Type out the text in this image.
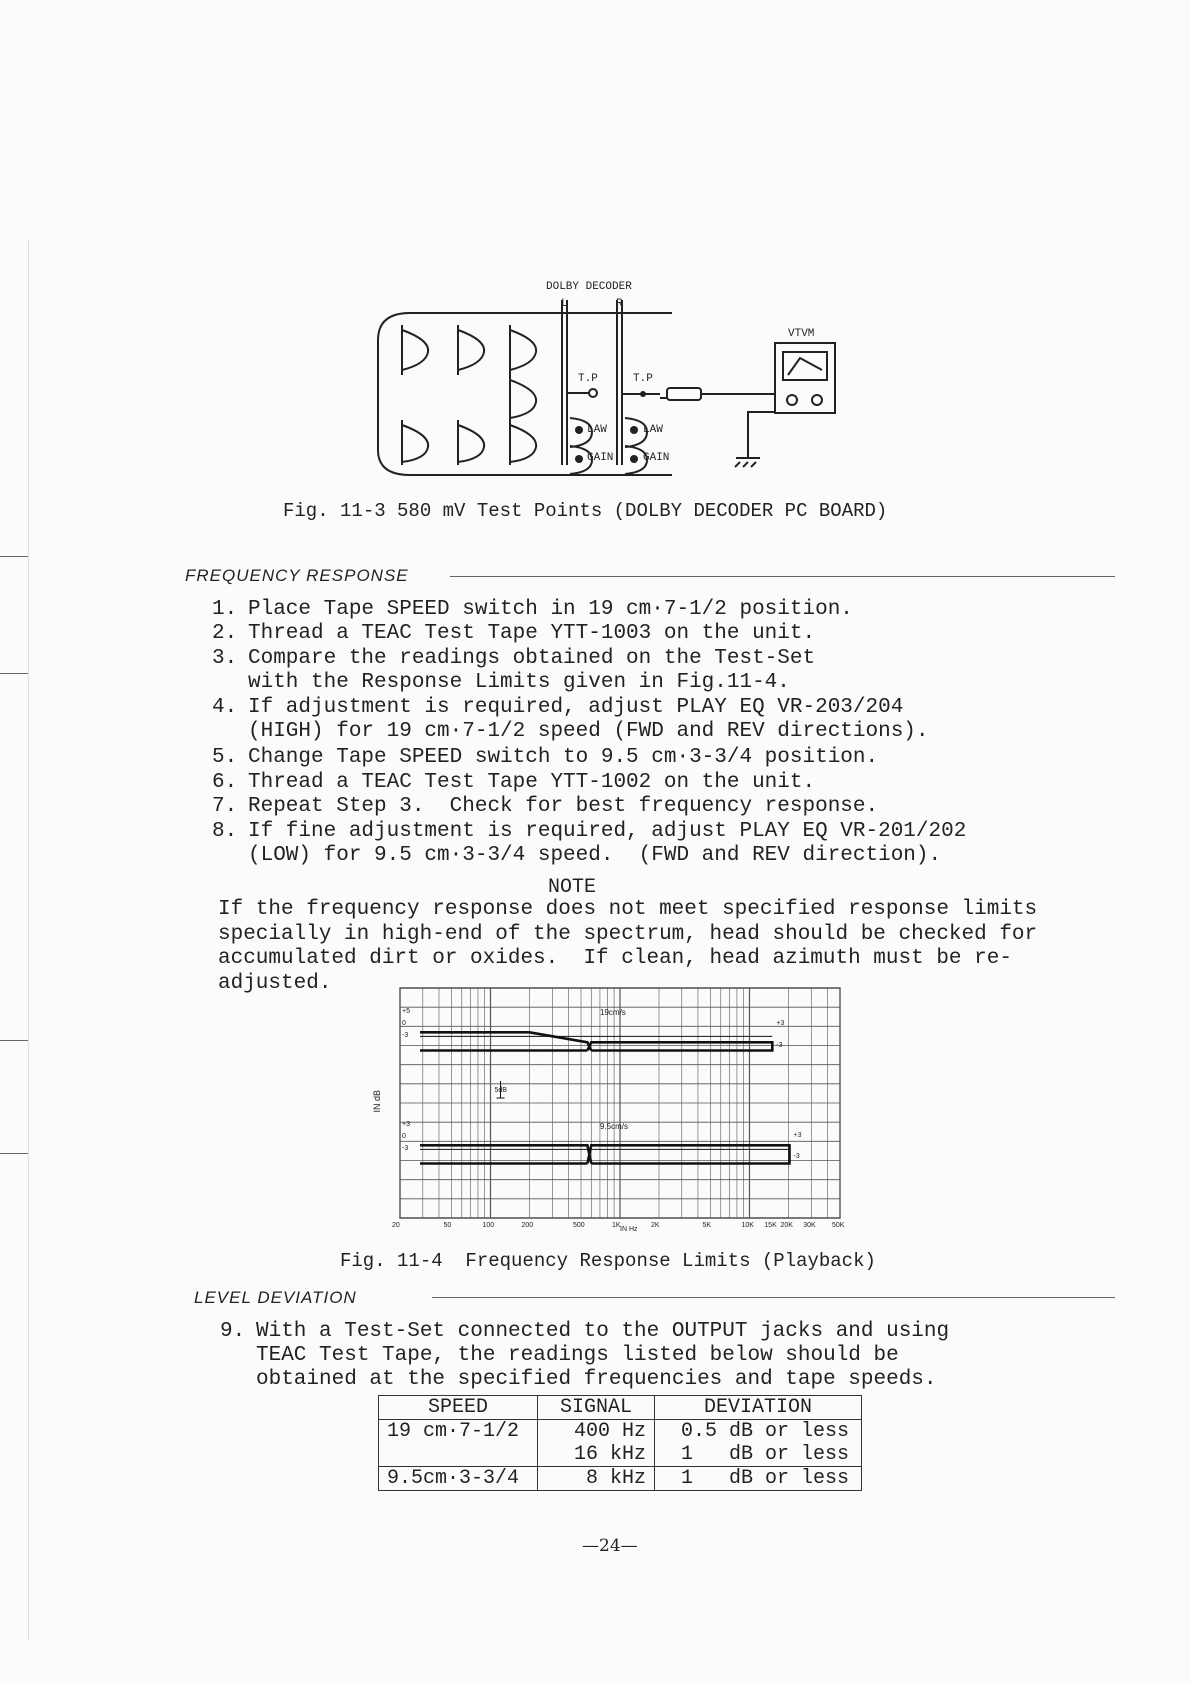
DOLBY DECODER
L	R
VTVM
T.P	T.P
LAW
GAIN
LAW
GAIN
Fig. 11-3 580 mV Test Points (DOLBY DECODER PC BOARD)
FREQUENCY RESPONSE
1. Place Tape SPEED switch in 19 cm·7-1/2 position.
2. Thread a TEAC Test Tape YTT-1003 on the unit.
3. Compare the readings obtained on the Test-Set
with the Response Limits given in Fig.11-4.
4. If adjustment is required, adjust PLAY EQ VR-203/204
(HIGH) for 19 cm·7-1/2 speed (FWD and REV directions).
5. Change Tape SPEED switch to 9.5 cm·3-3/4 position.
6. Thread a TEAC Test Tape YTT-1002 on the unit.
7. Repeat Step 3.  Check for best frequency response.
8. If fine adjustment is required, adjust PLAY EQ VR-201/202
(LOW) for 9.5 cm·3-3/4 speed.  (FWD and REV direction).
NOTE
If the frequency response does not meet specified response limits
specially in high-end of the spectrum, head should be checked for
accumulated dirt or oxides.  If clean, head azimuth must be re-
adjusted.
IN dB
IN Hz
20	50	100	200	500	1K	2K	5K	10K 15K 20K 30K 50K
19cm/s
9.5cm/s
5dB
+5
0
-3
+3
0
-3
+3
-3
+3
-3
Fig. 11-4  Frequency Response Limits (Playback)
LEVEL DEVIATION
9. With a Test-Set connected to the OUTPUT jacks and using
TEAC Test Tape, the readings listed below should be
obtained at the specified frequencies and tape speeds.
SPEED	SIGNAL	DEVIATION
19 cm·7-1/2	400 Hz	0.5 dB or less
	16 kHz	1   dB or less
9.5cm·3-3/4	8 kHz	1   dB or less
—24—
